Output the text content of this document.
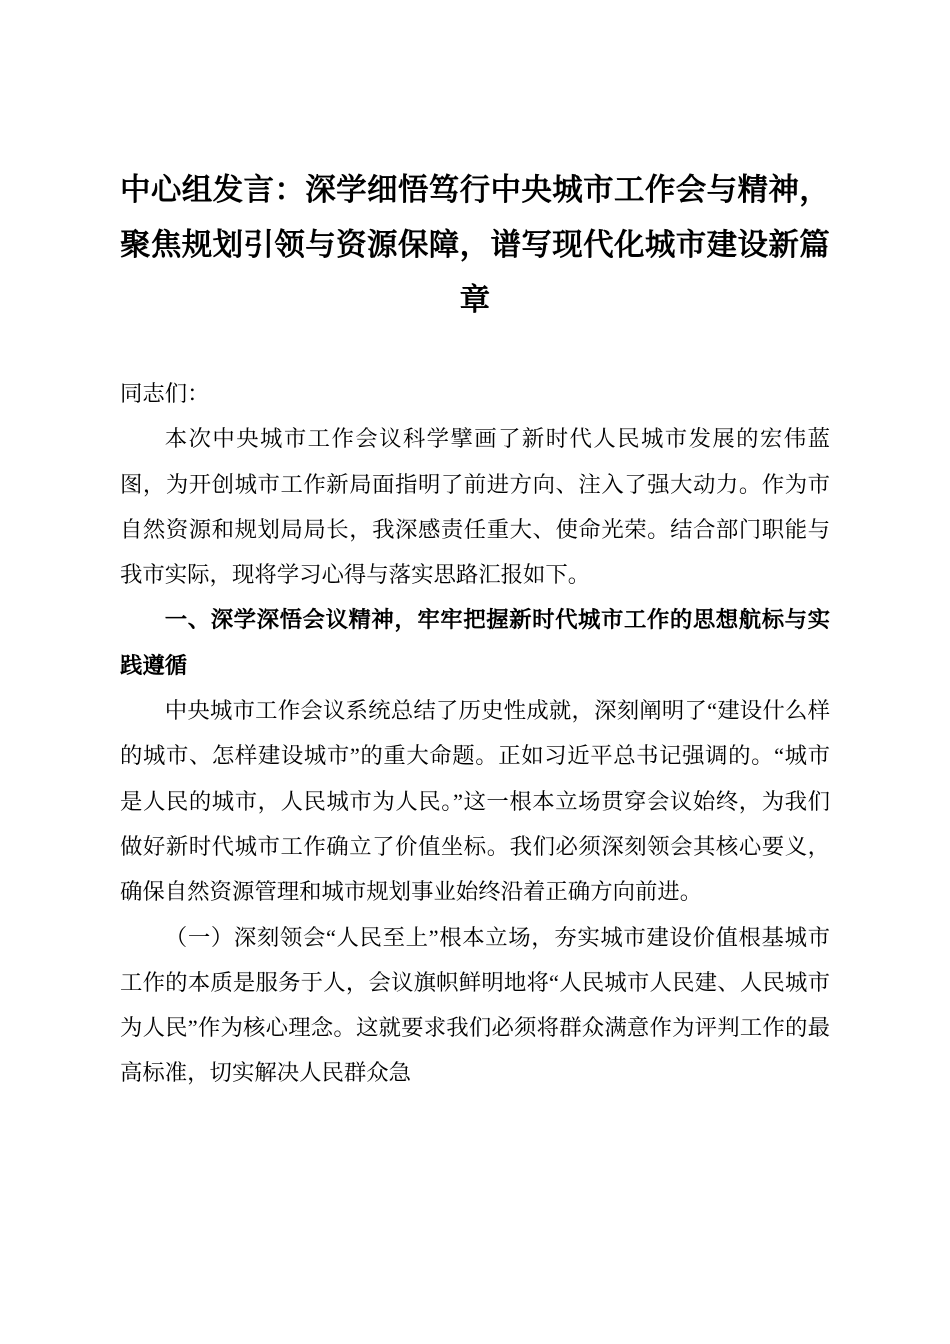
中心组发言：深学细悟笃行中央城市工作会与精神，聚焦规划引领与资源保障，谱写现代化城市建设新篇章

同志们：

本次中央城市工作会议科学擘画了新时代人民城市发展的宏伟蓝图，为开创城市工作新局面指明了前进方向、注入了强大动力。作为市自然资源和规划局局长，我深感责任重大、使命光荣。结合部门职能与我市实际，现将学习心得与落实思路汇报如下。

一、深学深悟会议精神，牢牢把握新时代城市工作的思想航标与实践遵循

中央城市工作会议系统总结了历史性成就，深刻阐明了“建设什么样的城市、怎样建设城市”的重大命题。正如习近平总书记强调的。“城市是人民的城市，人民城市为人民。”这一根本立场贯穿会议始终，为我们做好新时代城市工作确立了价值坐标。我们必须深刻领会其核心要义，确保自然资源管理和城市规划事业始终沿着正确方向前进。

（一）深刻领会“人民至上”根本立场，夯实城市建设价值根基城市工作的本质是服务于人，会议旗帜鲜明地将“人民城市人民建、人民城市为人民”作为核心理念。这就要求我们必须将群众满意作为评判工作的最高标准，切实解决人民群众急
